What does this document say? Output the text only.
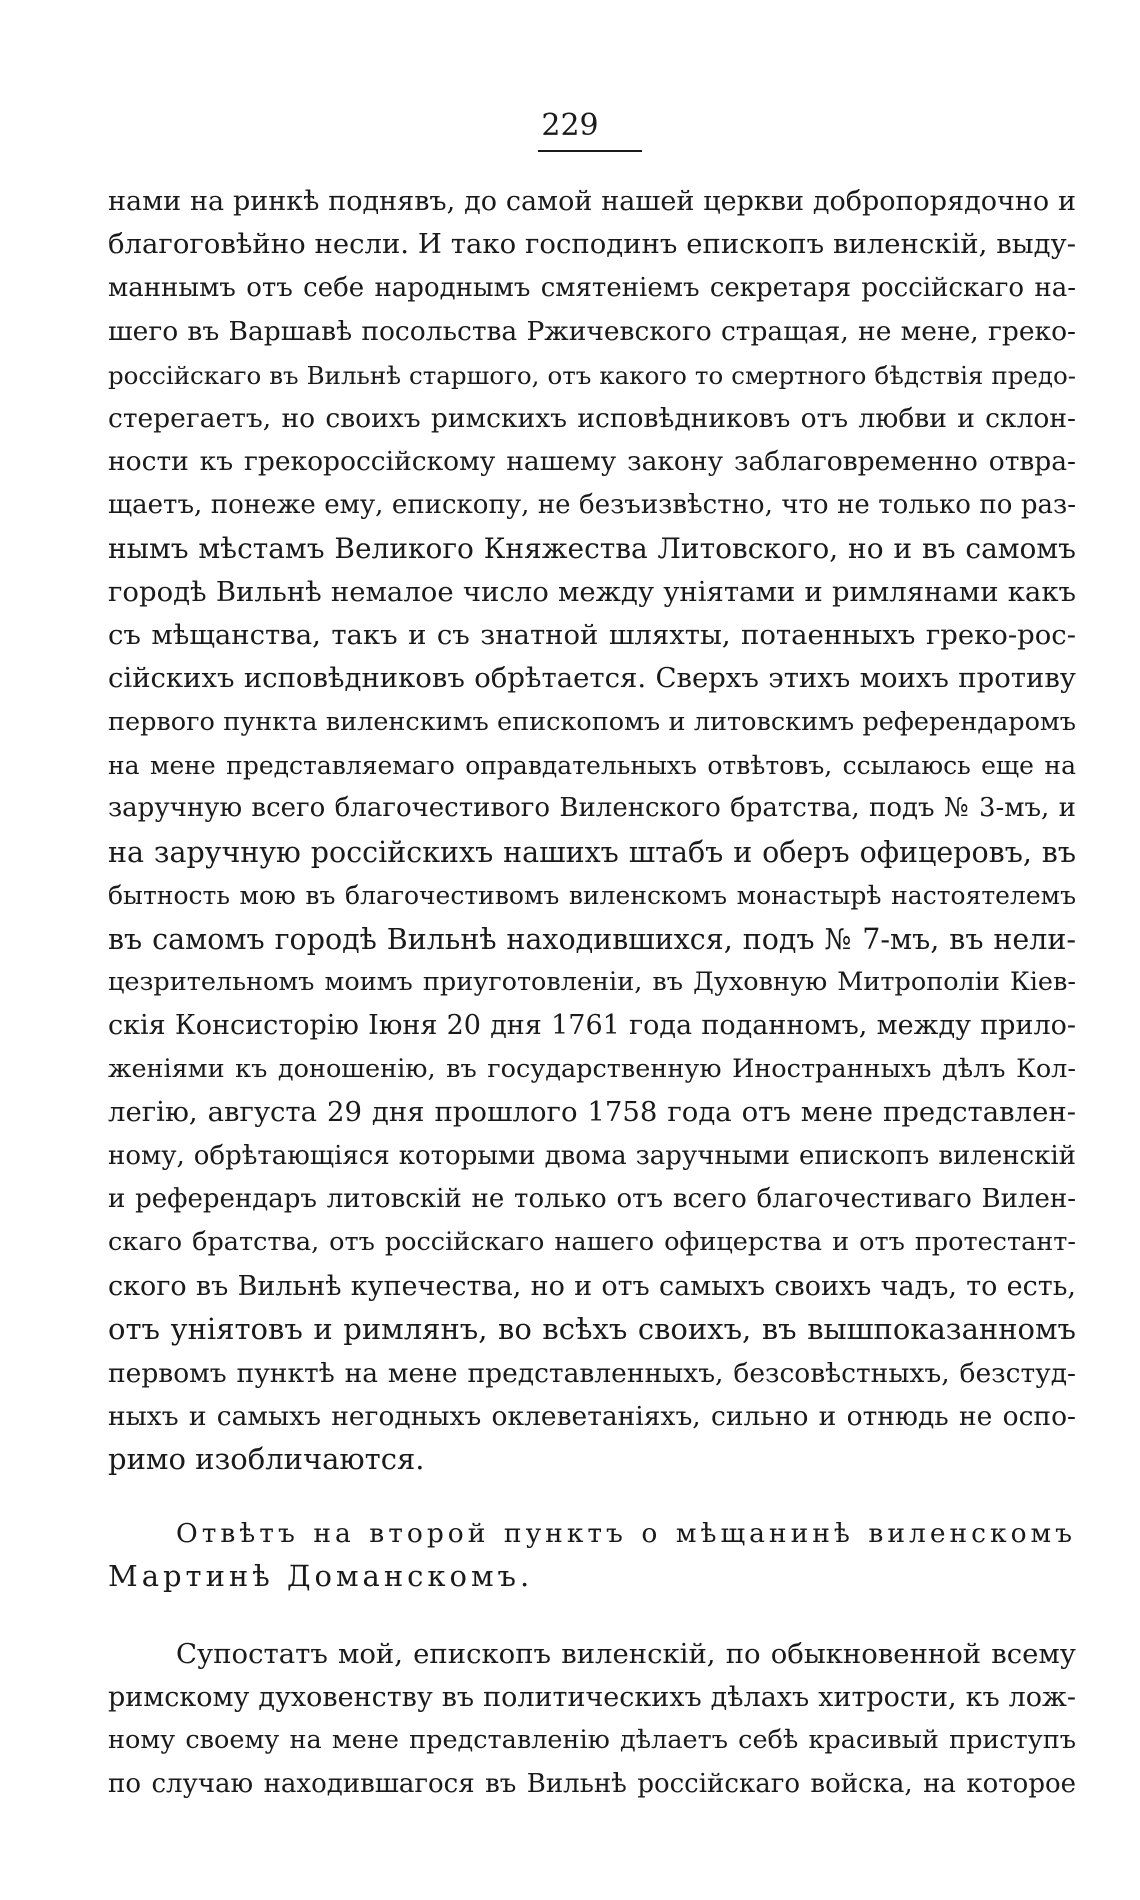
229
нами на ринкѣ поднявъ, до самой нашей церкви добропорядочно и
благоговѣйно несли. И тако господинъ епископъ виленскій, выду-
маннымъ отъ себе народнымъ смятеніемъ секретаря россійскаго на-
шего въ Варшавѣ посольства Ржичевского стращая, не мене, греко-
россійскаго въ Вильнѣ старшого, отъ какого то смертного бѣдствія предо-
стерегаетъ, но своихъ римскихъ исповѣдниковъ отъ любви и склон-
ности къ грекороссійскому нашему закону заблаговременно отвра-
щаетъ, понеже ему, епископу, не безъизвѣстно, что не только по раз-
нымъ мѣстамъ Великого Княжества Литовского, но и въ самомъ
городѣ Вильнѣ немалое число между уніятами и римлянами какъ
съ мѣщанства, такъ и съ знатной шляхты, потаенныхъ греко-рос-
сійскихъ исповѣдниковъ обрѣтается. Сверхъ этихъ моихъ противу
первого пункта виленскимъ епископомъ и литовскимъ референдаромъ
на мене представляемаго оправдательныхъ отвѣтовъ, ссылаюсь еще на
заручную всего благочестивого Виленского братства, подъ № 3-мъ, и
на заручную россійскихъ нашихъ штабъ и оберъ офицеровъ, въ
бытность мою въ благочестивомъ виленскомъ монастырѣ настоятелемъ
въ самомъ городѣ Вильнѣ находившихся, подъ № 7-мъ, въ нели-
цезрительномъ моимъ приуготовленіи, въ Духовную Митрополіи Кіев-
скія Консисторію Іюня 20 дня 1761 года поданномъ, между прило-
женіями къ доношенію, въ государственную Иностранныхъ дѣлъ Кол-
легію, августа 29 дня прошлого 1758 года отъ мене представлен-
ному, обрѣтающіяся которыми двома заручными епископъ виленскій
и референдаръ литовскій не только отъ всего благочестиваго Вилен-
скаго братства, отъ россійскаго нашего офицерства и отъ протестант-
ского въ Вильнѣ купечества, но и отъ самыхъ своихъ чадъ, то есть,
отъ уніятовъ и римлянъ, во всѣхъ своихъ, въ вышпоказанномъ
первомъ пунктѣ на мене представленныхъ, безсовѣстныхъ, безстуд-
ныхъ и самыхъ негодныхъ оклеветаніяхъ, сильно и отнюдь не оспо-
римо изобличаются.
Отвѣтъ на второй пунктъ о мѣщанинѣ виленскомъ
Мартинѣ Доманскомъ.
Супостатъ мой, епископъ виленскій, по обыкновенной всему
римскому духовенству въ политическихъ дѣлахъ хитрости, къ лож-
ному своему на мене представленію дѣлаетъ себѣ красивый приступъ
по случаю находившагося въ Вильнѣ россійскаго войска, на которое
